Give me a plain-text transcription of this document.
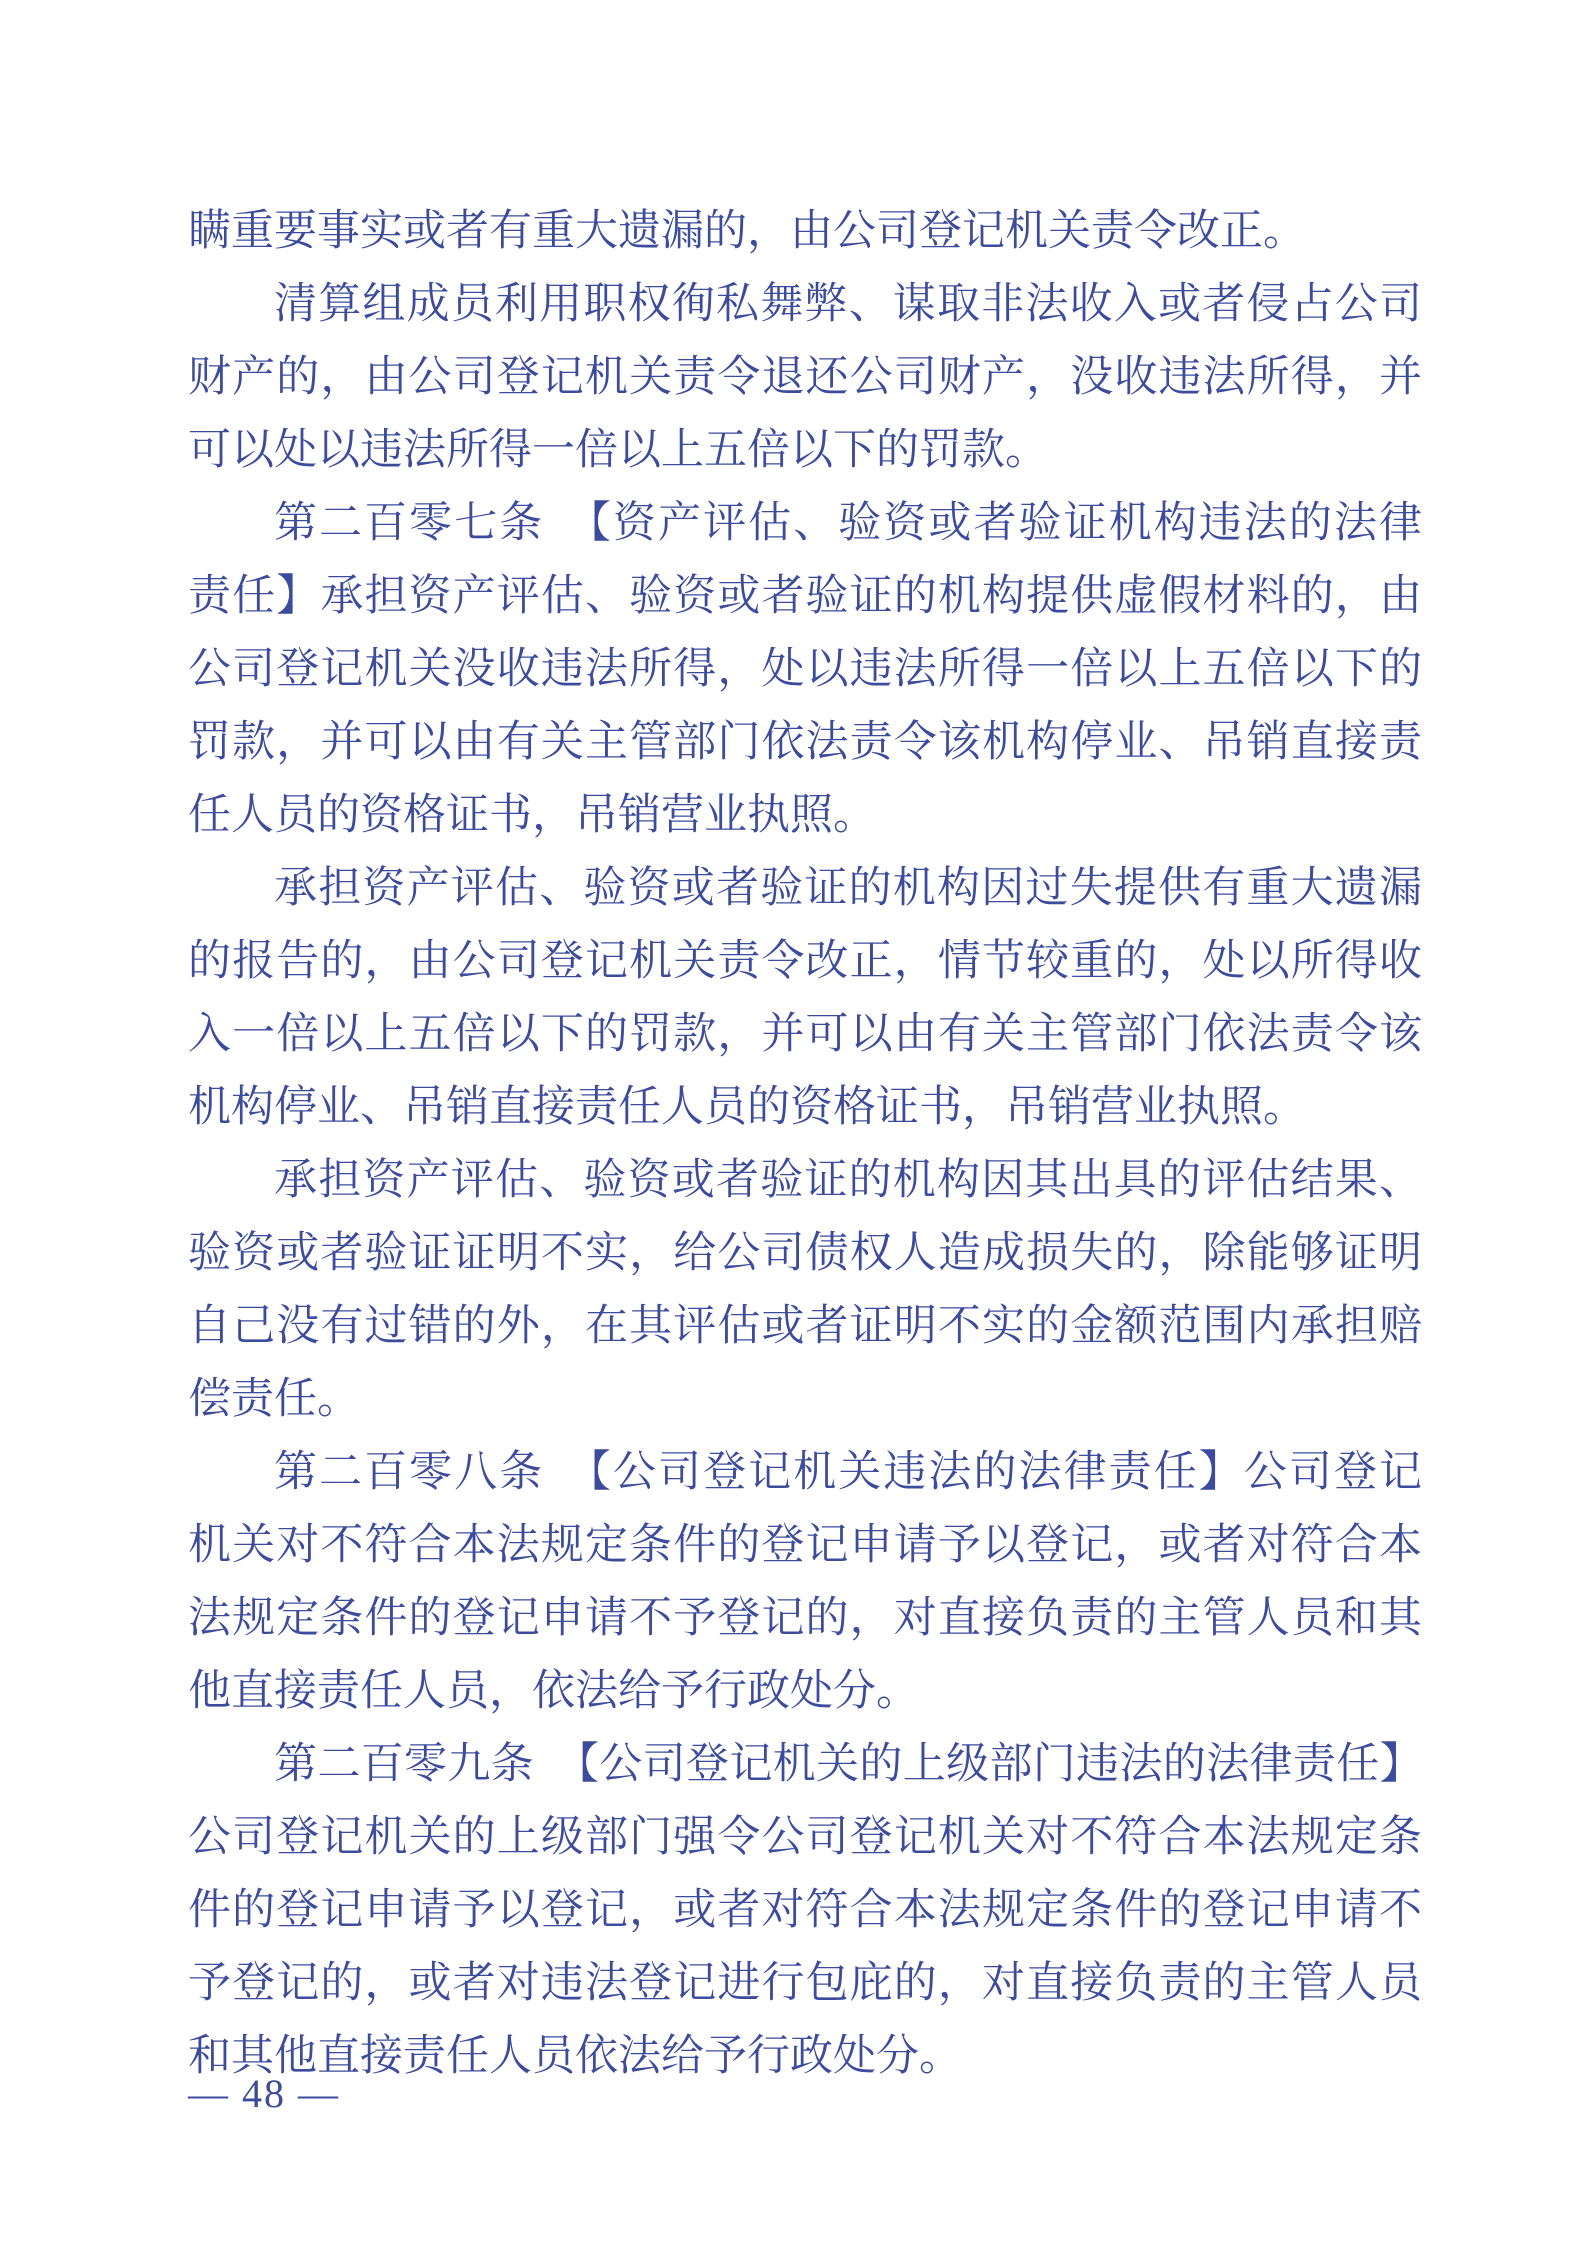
瞒重要事实或者有重大遗漏的，由公司登记机关责令改正。
清算组成员利用职权徇私舞弊、谋取非法收入或者侵占公司
财产的，由公司登记机关责令退还公司财产，没收违法所得，并
可以处以违法所得一倍以上五倍以下的罚款。
第二百零七条　【资产评估、验资或者验证机构违法的法律
责任】承担资产评估、验资或者验证的机构提供虚假材料的，由
公司登记机关没收违法所得，处以违法所得一倍以上五倍以下的
罚款，并可以由有关主管部门依法责令该机构停业、吊销直接责
任人员的资格证书，吊销营业执照。
承担资产评估、验资或者验证的机构因过失提供有重大遗漏
的报告的，由公司登记机关责令改正，情节较重的，处以所得收
入一倍以上五倍以下的罚款，并可以由有关主管部门依法责令该
机构停业、吊销直接责任人员的资格证书，吊销营业执照。
承担资产评估、验资或者验证的机构因其出具的评估结果、
验资或者验证证明不实，给公司债权人造成损失的，除能够证明
自己没有过错的外，在其评估或者证明不实的金额范围内承担赔
偿责任。
第二百零八条　【公司登记机关违法的法律责任】公司登记
机关对不符合本法规定条件的登记申请予以登记，或者对符合本
法规定条件的登记申请不予登记的，对直接负责的主管人员和其
他直接责任人员，依法给予行政处分。
第二百零九条　【公司登记机关的上级部门违法的法律责任】
公司登记机关的上级部门强令公司登记机关对不符合本法规定条
件的登记申请予以登记，或者对符合本法规定条件的登记申请不
予登记的，或者对违法登记进行包庇的，对直接负责的主管人员
和其他直接责任人员依法给予行政处分。
— 48 —
